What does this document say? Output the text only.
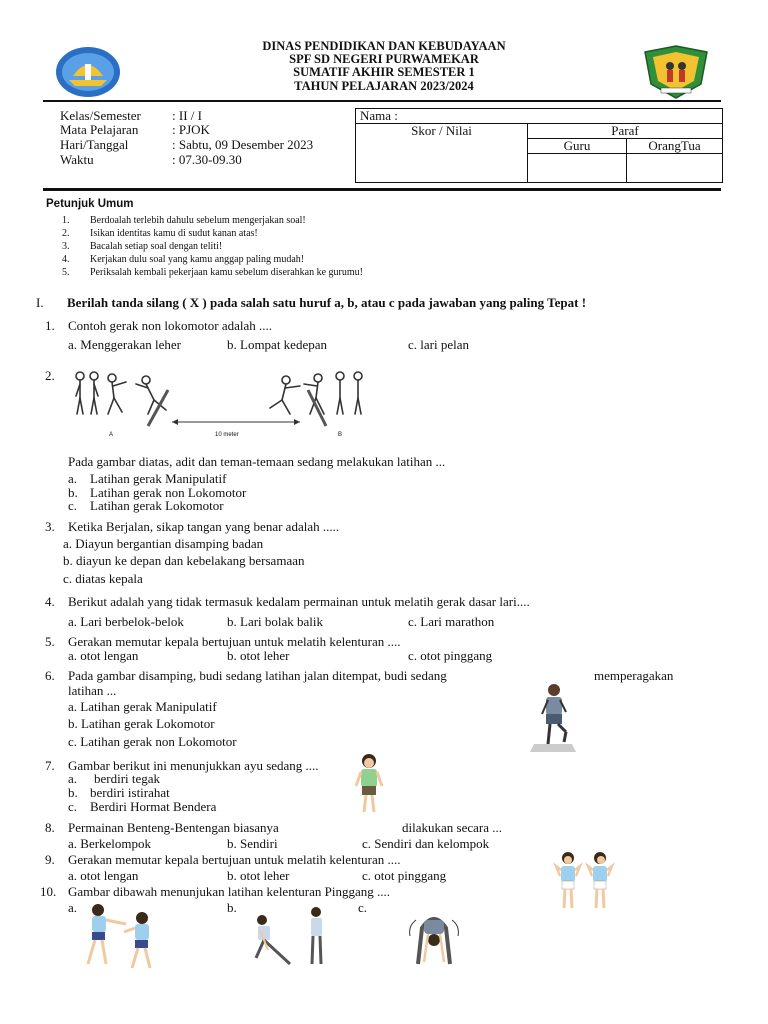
DINAS PENDIDIKAN DAN KEBUDAYAAN
SPF SD NEGERI PURWAMEKAR
SUMATIF AKHIR SEMESTER 1
TAHUN PELAJARAN 2023/2024
Kelas/Semester : II / I
Mata Pelajaran	: PJOK
Hari/Tanggal	: Sabtu, 09 Desember 2023
Waktu	: 07.30-09.30
Nama :		
Skor / Nilai	Paraf	
	Guru	OrangTua

Petunjuk Umum
1. Berdoalah terlebih dahulu sebelum mengerjakan soal!
2. Isikan identitas kamu di sudut kanan atas!
3. Bacalah setiap soal dengan teliti!
4. Kerjakan dulu soal yang kamu anggap paling mudah!
5. Periksalah kembali pekerjaan kamu sebelum diserahkan ke gurumu!
I. Berilah tanda silang ( X ) pada salah satu huruf a, b, atau c pada jawaban yang paling Tepat !
1. Contoh gerak non lokomotor adalah ....
a. Menggerakan leher	b. Lompat kedepan	c. lari pelan
2.
A	10 meter	B
Pada gambar diatas, adit dan teman-temaan sedang melakukan latihan ...
a. Latihan gerak Manipulatif
b. Latihan gerak non Lokomotor
c. Latihan gerak Lokomotor
3. Ketika Berjalan, sikap tangan yang benar adalah .....
a. Diayun bergantian disamping badan
b. diayun ke depan dan kebelakang bersamaan
c. diatas kepala
4. Berikut adalah yang tidak termasuk kedalam permainan untuk melatih gerak dasar lari....
a. Lari berbelok-belok	b. Lari bolak balik	c. Lari marathon
5. Gerakan memutar kepala bertujuan untuk melatih kelenturan ....
a. otot lengan	b. otot leher	c. otot pinggang
6. Pada gambar disamping, budi sedang latihan jalan ditempat, budi sedang	memperagakan
latihan ...
a. Latihan gerak Manipulatif
b. Latihan gerak Lokomotor
c. Latihan gerak non Lokomotor
7. Gambar berikut ini menunjukkan ayu sedang ....
a. berdiri tegak
b. berdiri istirahat
c. Berdiri Hormat Bendera
8. Permainan Benteng-Bentengan biasanya	dilakukan secara ...
a. Berkelompok	b. Sendiri	c. Sendiri dan kelompok
9. Gerakan memutar kepala bertujuan untuk melatih kelenturan ....
a. otot lengan	b. otot leher	c. otot pinggang
10. Gambar dibawah menunjukan latihan kelenturan Pinggang ....
a.	b.	c.
